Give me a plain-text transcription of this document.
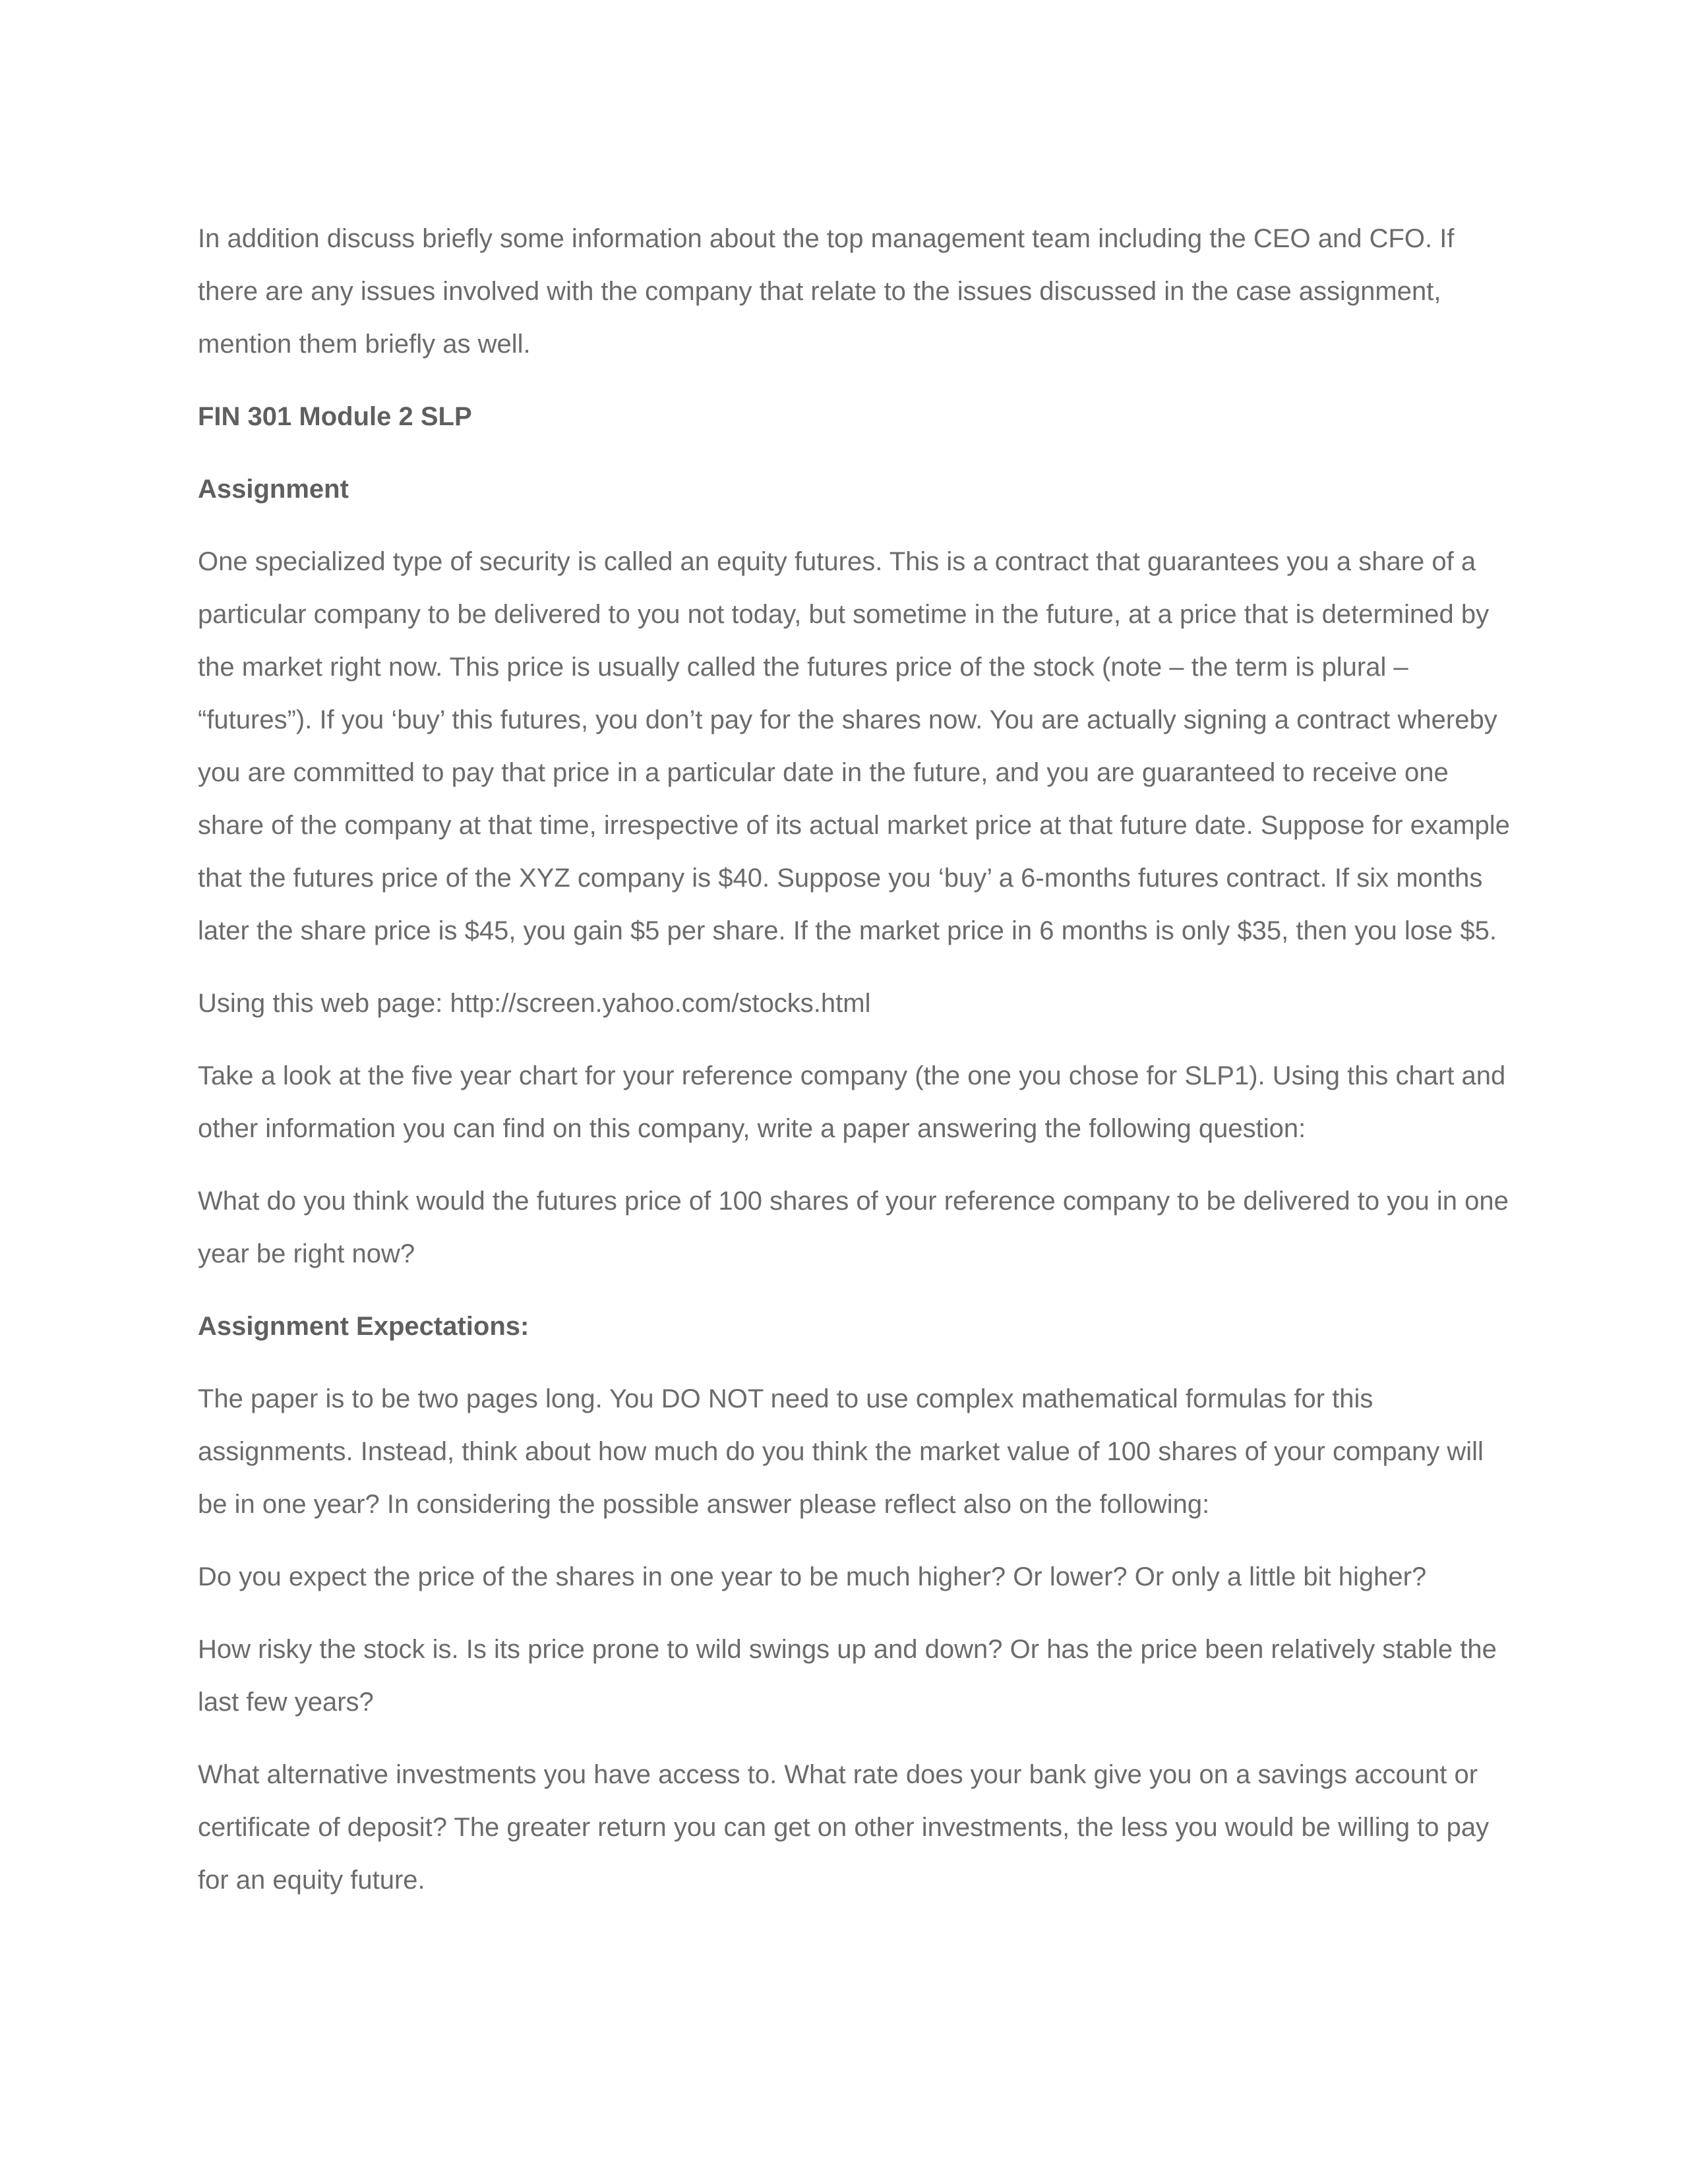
In addition discuss briefly some information about the top management team including the CEO and CFO. If there are any issues involved with the company that relate to the issues discussed in the case assignment, mention them briefly as well.

FIN 301 Module 2 SLP

Assignment

One specialized type of security is called an equity futures. This is a contract that guarantees you a share of a particular company to be delivered to you not today, but sometime in the future, at a price that is determined by the market right now. This price is usually called the futures price of the stock (note – the term is plural – “futures”). If you ‘buy’ this futures, you don’t pay for the shares now. You are actually signing a contract whereby you are committed to pay that price in a particular date in the future, and you are guaranteed to receive one share of the company at that time, irrespective of its actual market price at that future date. Suppose for example that the futures price of the XYZ company is $40. Suppose you ‘buy’ a 6-months futures contract. If six months later the share price is $45, you gain $5 per share. If the market price in 6 months is only $35, then you lose $5.

Using this web page: http://screen.yahoo.com/stocks.html

Take a look at the five year chart for your reference company (the one you chose for SLP1). Using this chart and other information you can find on this company, write a paper answering the following question:

What do you think would the futures price of 100 shares of your reference company to be delivered to you in one year be right now?

Assignment Expectations:

The paper is to be two pages long. You DO NOT need to use complex mathematical formulas for this assignments. Instead, think about how much do you think the market value of 100 shares of your company will be in one year? In considering the possible answer please reflect also on the following:

Do you expect the price of the shares in one year to be much higher? Or lower? Or only a little bit higher?

How risky the stock is. Is its price prone to wild swings up and down? Or has the price been relatively stable the last few years?

What alternative investments you have access to. What rate does your bank give you on a savings account or certificate of deposit? The greater return you can get on other investments, the less you would be willing to pay for an equity future.
